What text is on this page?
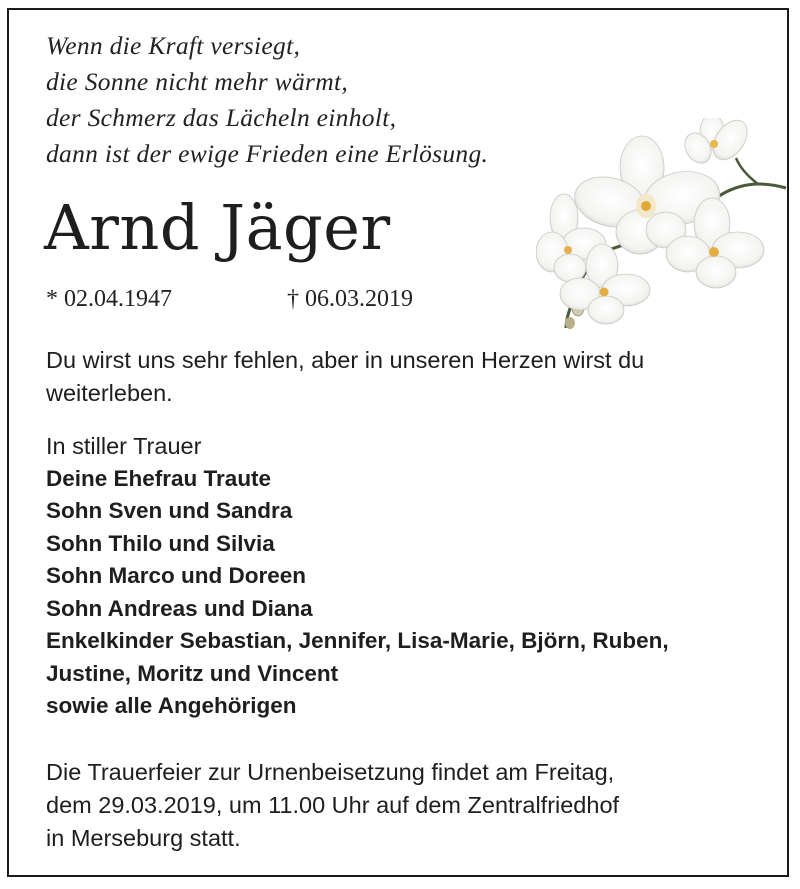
Wenn die Kraft versiegt,
die Sonne nicht mehr wärmt,
der Schmerz das Lächeln einholt,
dann ist der ewige Frieden eine Erlösung.
Arnd Jäger
* 02.04.1947	† 06.03.2019
Du wirst uns sehr fehlen, aber in unseren Herzen wirst du
weiterleben.
In stiller Trauer
Deine Ehefrau Traute
Sohn Sven und Sandra
Sohn Thilo und Silvia
Sohn Marco und Doreen
Sohn Andreas und Diana
Enkelkinder Sebastian, Jennifer, Lisa-Marie, Björn, Ruben,
Justine, Moritz und Vincent
sowie alle Angehörigen
Die Trauerfeier zur Urnenbeisetzung findet am Freitag,
dem 29.03.2019, um 11.00 Uhr auf dem Zentralfriedhof
in Merseburg statt.
